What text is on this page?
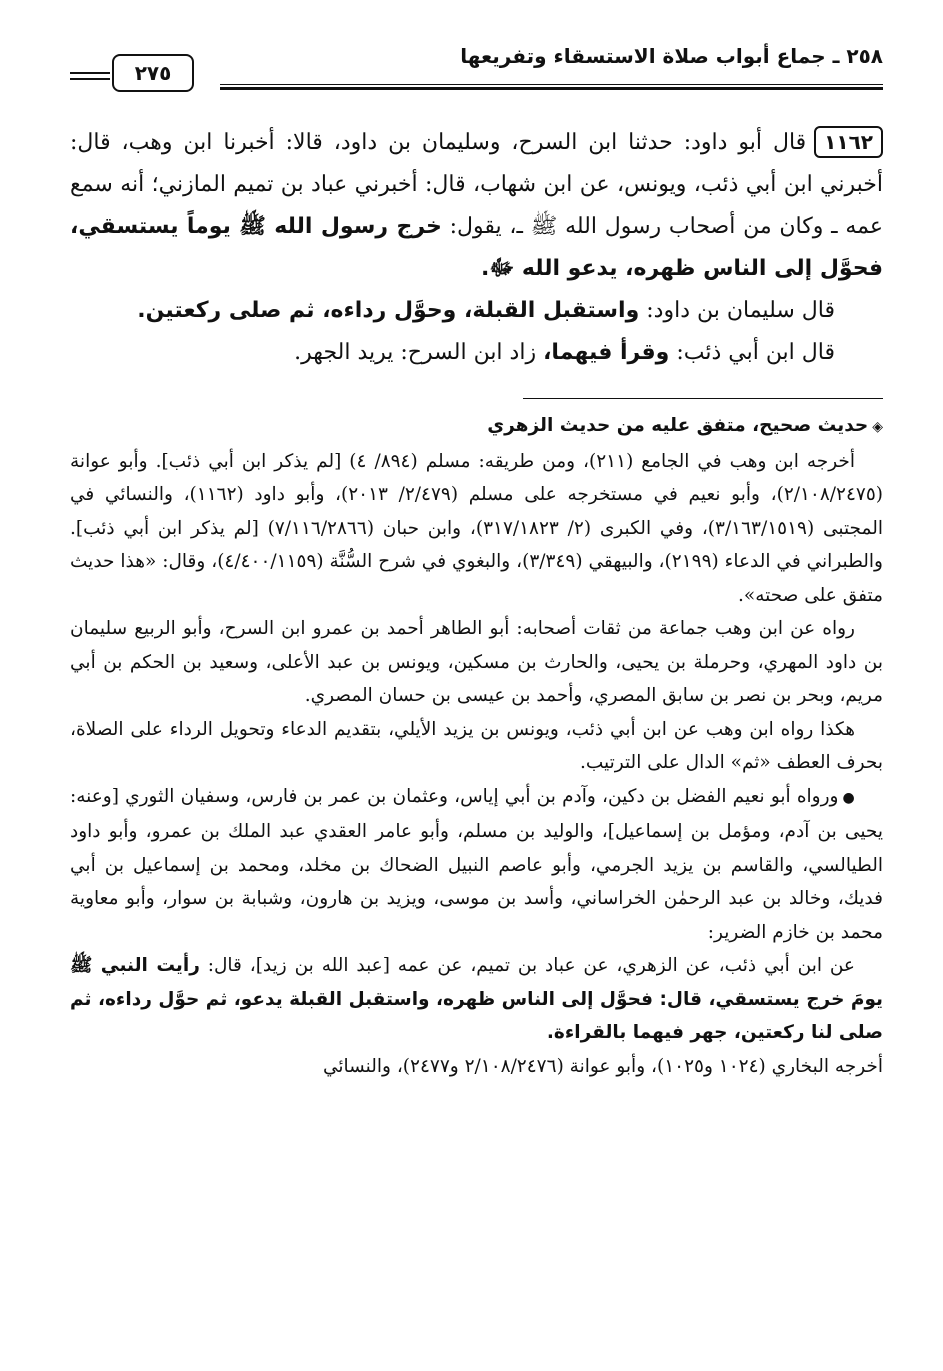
٢٥٨ ـ جماع أبواب صلاة الاستسقاء وتفريعها
٢٧٥

١١٦٢قال أبو داود: حدثنا ابن السرح، وسليمان بن داود، قالا: أخبرنا ابن وهب، قال: أخبرني ابن أبي ذئب، ويونس، عن ابن شهاب، قال: أخبرني عباد بن تميم المازني؛ أنه سمع عمه ـ وكان من أصحاب رسول الله ﷺ ـ، يقول: خرج رسول الله ﷺ يوماً يستسقي، فحوَّل إلى الناس ظهره، يدعو الله ﷻ.

قال سليمان بن داود: واستقبل القبلة، وحوَّل رداءه، ثم صلى ركعتين.

قال ابن أبي ذئب: وقرأ فيهما، زاد ابن السرح: يريد الجهر.

◈حديث صحيح، متفق عليه من حديث الزهري

أخرجه ابن وهب في الجامع (٢١١)، ومن طريقه: مسلم (٨٩٤/ ٤) [لم يذكر ابن أبي ذئب]. وأبو عوانة (٢/١٠٨/٢٤٧٥)، وأبو نعيم في مستخرجه على مسلم (٢/٤٧٩/ ٢٠١٣)، وأبو داود (١١٦٢)، والنسائي في المجتبى (٣/١٦٣/١٥١٩)، وفي الكبرى (٢/ ٣١٧/١٨٢٣)، وابن حبان (٧/١١٦/٢٨٦٦) [لم يذكر ابن أبي ذئب]. والطبراني في الدعاء (٢١٩٩)، والبيهقي (٣/٣٤٩)، والبغوي في شرح السُّنَّة (٤/٤٠٠/١١٥٩)، وقال: «هذا حديث متفق على صحته».

رواه عن ابن وهب جماعة من ثقات أصحابه: أبو الطاهر أحمد بن عمرو ابن السرح، وأبو الربيع سليمان بن داود المهري، وحرملة بن يحيى، والحارث بن مسكين، ويونس بن عبد الأعلى، وسعيد بن الحكم بن أبي مريم، وبحر بن نصر بن سابق المصري، وأحمد بن عيسى بن حسان المصري.

هكذا رواه ابن وهب عن ابن أبي ذئب، ويونس بن يزيد الأيلي، بتقديم الدعاء وتحويل الرداء على الصلاة، بحرف العطف «ثم» الدال على الترتيب.

●ورواه أبو نعيم الفضل بن دكين، وآدم بن أبي إياس، وعثمان بن عمر بن فارس، وسفيان الثوري [وعنه: يحيى بن آدم، ومؤمل بن إسماعيل]، والوليد بن مسلم، وأبو عامر العقدي عبد الملك بن عمرو، وأبو داود الطيالسي، والقاسم بن يزيد الجرمي، وأبو عاصم النبيل الضحاك بن مخلد، ومحمد بن إسماعيل بن أبي فديك، وخالد بن عبد الرحمٰن الخراساني، وأسد بن موسى، ويزيد بن هارون، وشبابة بن سوار، وأبو معاوية محمد بن خازم الضرير:

عن ابن أبي ذئب، عن الزهري، عن عباد بن تميم، عن عمه [عبد الله بن زيد]، قال: رأيت النبي ﷺ يومَ خرج يستسقي، قال: فحوَّل إلى الناس ظهره، واستقبل القبلة يدعو، ثم حوَّل رداءه، ثم صلى لنا ركعتين، جهر فيهما بالقراءة.

أخرجه البخاري (١٠٢٤ و١٠٢٥)، وأبو عوانة (٢/١٠٨/٢٤٧٦ و٢٤٧٧)، والنسائي
